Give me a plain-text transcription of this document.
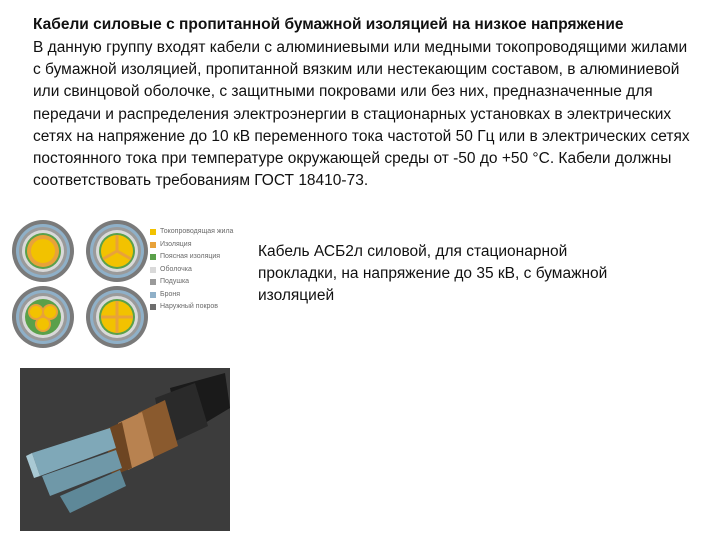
Кабели силовые с пропитанной бумажной изоляцией на низкое напряжение
В данную группу входят кабели с алюминиевыми или медными токопроводящими жилами с бумажной изоляцией, пропитанной вязким или нестекающим составом, в алюминиевой или свинцовой оболочке, с защитными покровами или без них, предназначенные для передачи и распределения электроэнергии в стационарных установках в электрических сетях на напряжение до 10 кВ переменного тока частотой 50 Гц или в электрических сетях постоянного тока при температуре окружающей среды от -50 до +50 °С. Кабели должны соответствовать требованиям ГОСТ 18410-73.
Токопроводящая жила
Изоляция
Поясная изоляция
Оболочка
Подушка
Броня
Наружный покров
Кабель АСБ2л силовой, для стационарной прокладки, на напряжение до 35 кВ, с бумажной изоляцией
